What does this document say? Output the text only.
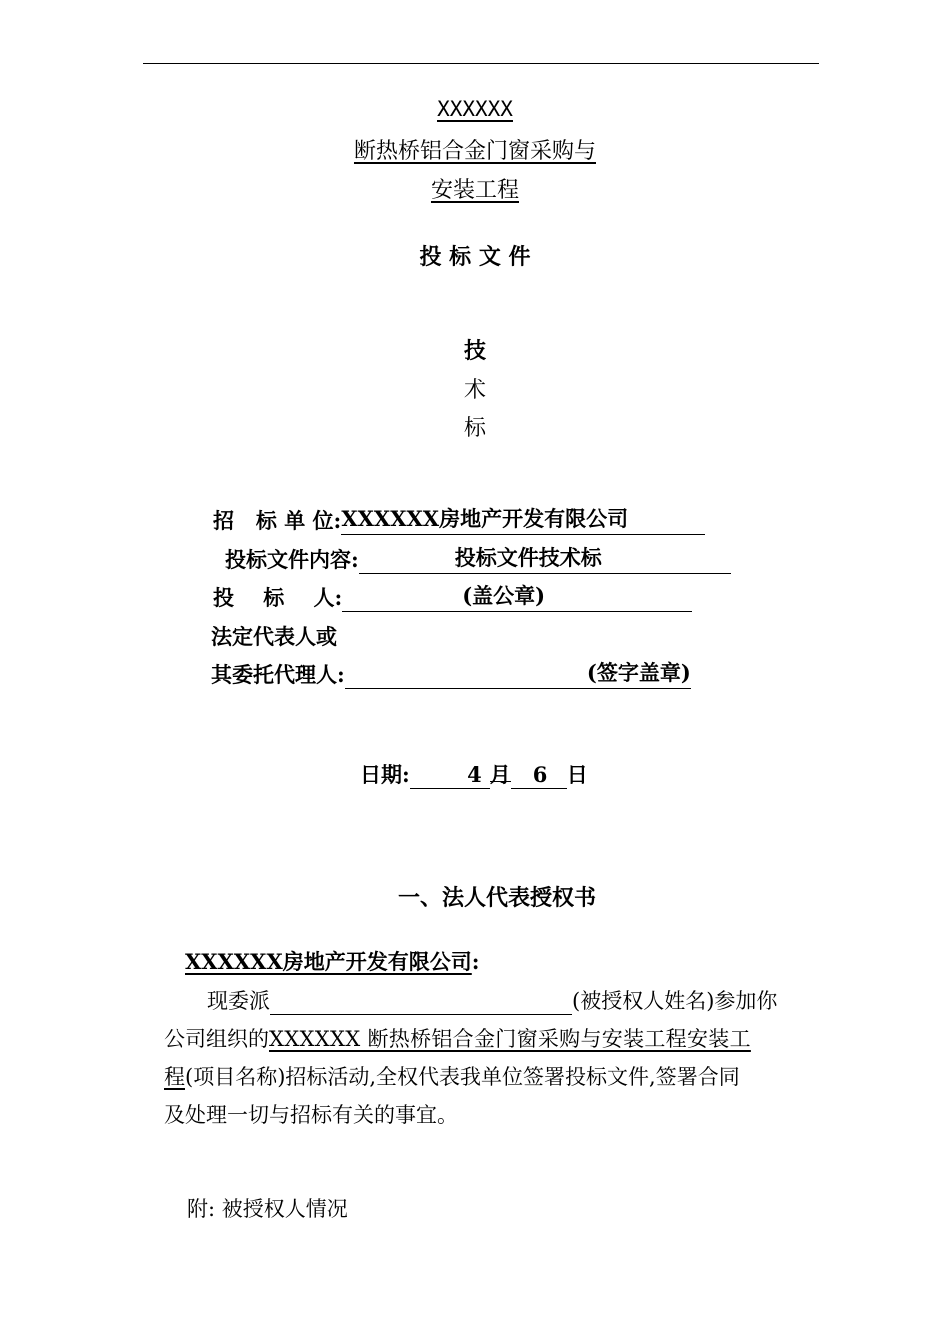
XXXXXX
断热桥铝合金门窗采购与
安装工程
投 标 文 件
技
术
标
招   标 单 位: XXXXXX房地产开发有限公司
投标文件内容:	投标文件技术标
投    标    人:	(盖公章)
法定代表人或
其委托代理人:	(签字盖章)
日期:	4 月 6 日
一、法人代表授权书
XXXXXX房地产开发有限公司:
现委派	(被授权人姓名)参加你
公司组织的XXXXXX 断热桥铝合金门窗采购与安装工程安装工
程(项目名称)招标活动,全权代表我单位签署投标文件,签署合同
及处理一切与招标有关的事宜。
附: 被授权人情况
